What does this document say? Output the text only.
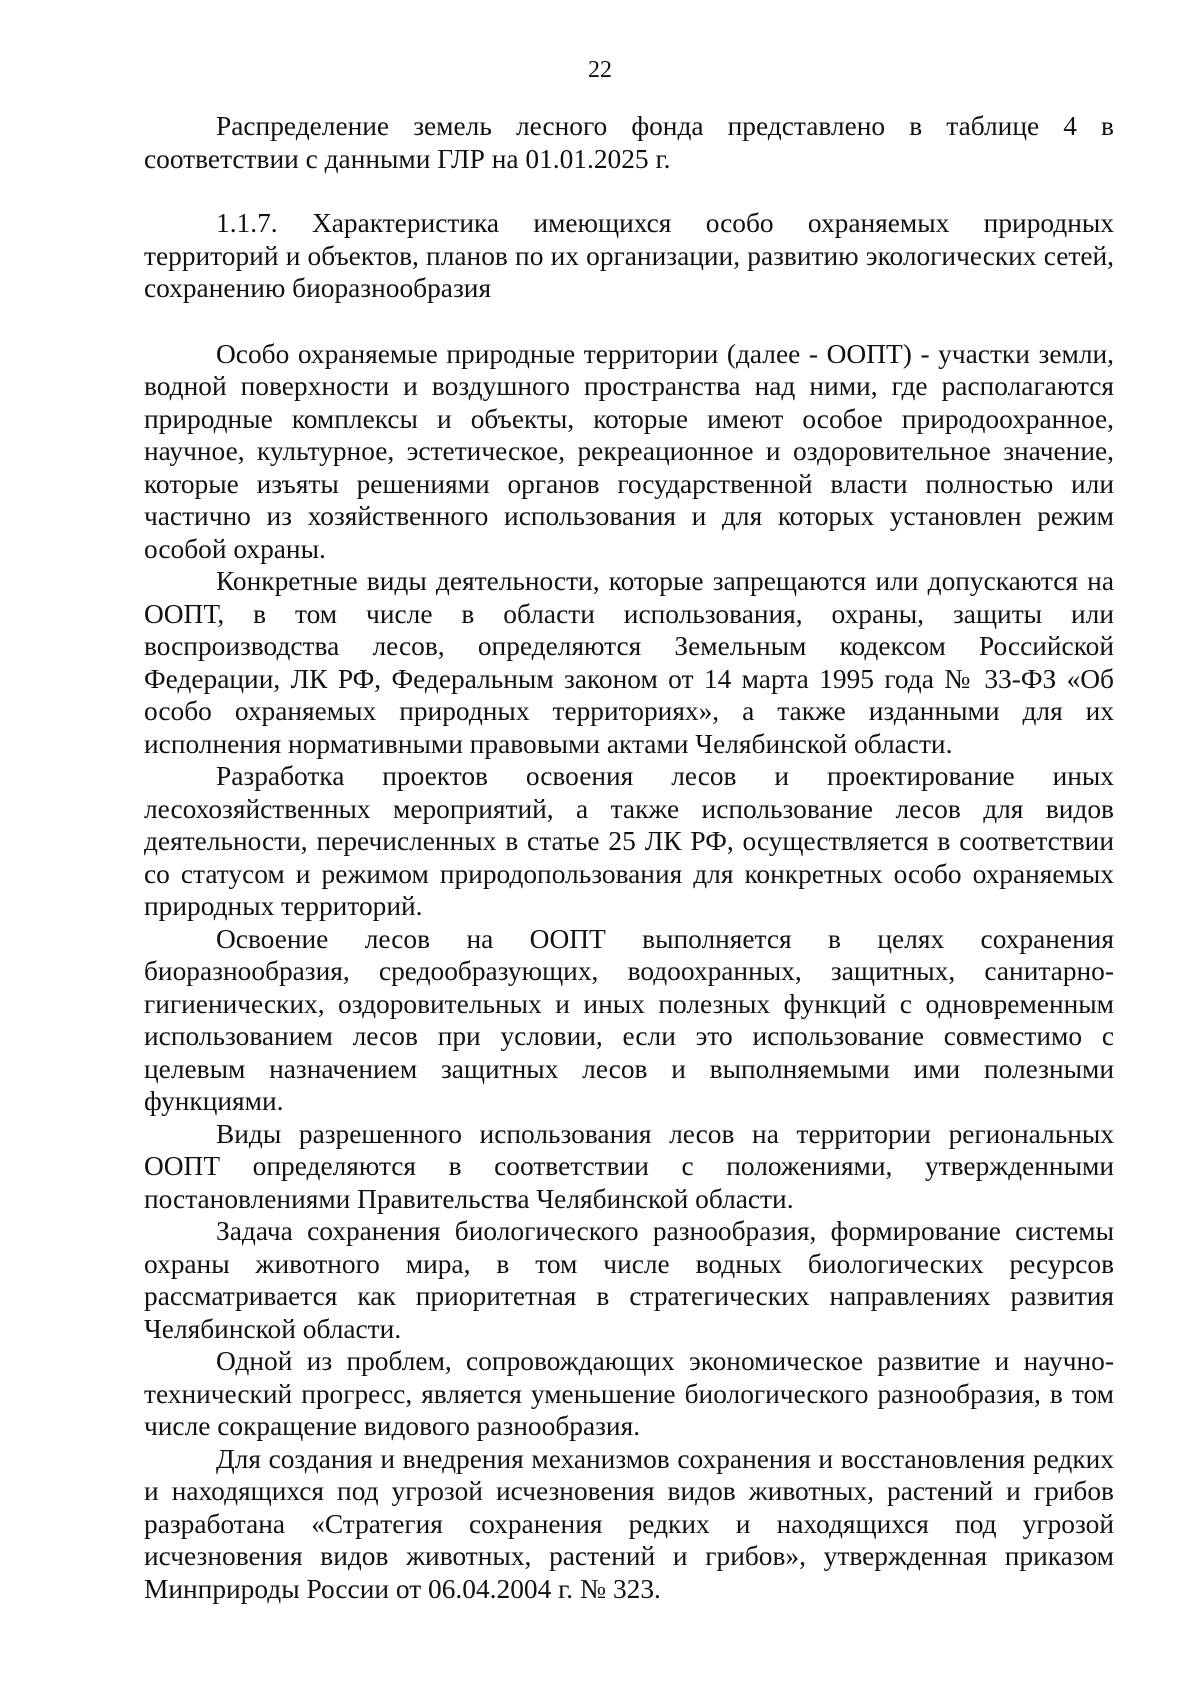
22

Распределение земель лесного фонда представлено в таблице 4 в соответствии с данными ГЛР на 01.01.2025 г.

1.1.7. Характеристика имеющихся особо охраняемых природных территорий и объектов, планов по их организации, развитию экологических сетей, сохранению биоразнообразия

Особо охраняемые природные территории (далее - ООПТ) - участки земли, водной поверхности и воздушного пространства над ними, где располагаются природные комплексы и объекты, которые имеют особое природоохранное, научное, культурное, эстетическое, рекреационное и оздоровительное значение, которые изъяты решениями органов государственной власти полностью или частично из хозяйственного использования и для которых установлен режим особой охраны.

Конкретные виды деятельности, которые запрещаются или допускаются на ООПТ, в том числе в области использования, охраны, защиты или воспроизводства лесов, определяются Земельным кодексом Российской Федерации, ЛК РФ, Федеральным законом от 14 марта 1995 года № 33-ФЗ «Об особо охраняемых природных территориях», а также изданными для их исполнения нормативными правовыми актами Челябинской области.

Разработка проектов освоения лесов и проектирование иных лесохозяйственных мероприятий, а также использование лесов для видов деятельности, перечисленных в статье 25 ЛК РФ, осуществляется в соответствии со статусом и режимом природопользования для конкретных особо охраняемых природных территорий.

Освоение лесов на ООПТ выполняется в целях сохранения биоразнообразия, средообразующих, водоохранных, защитных, санитарно-гигиенических, оздоровительных и иных полезных функций с одновременным использованием лесов при условии, если это использование совместимо с целевым назначением защитных лесов и выполняемыми ими полезными функциями.

Виды разрешенного использования лесов на территории региональных ООПТ определяются в соответствии с положениями, утвержденными постановлениями Правительства Челябинской области.

Задача сохранения биологического разнообразия, формирование системы охраны животного мира, в том числе водных биологических ресурсов рассматривается как приоритетная в стратегических направлениях развития Челябинской области.

Одной из проблем, сопровождающих экономическое развитие и научно-технический прогресс, является уменьшение биологического разнообразия, в том числе сокращение видового разнообразия.

Для создания и внедрения механизмов сохранения и восстановления редких и находящихся под угрозой исчезновения видов животных, растений и грибов разработана «Стратегия сохранения редких и находящихся под угрозой исчезновения видов животных, растений и грибов», утвержденная приказом Минприроды России от 06.04.2004 г. № 323.
